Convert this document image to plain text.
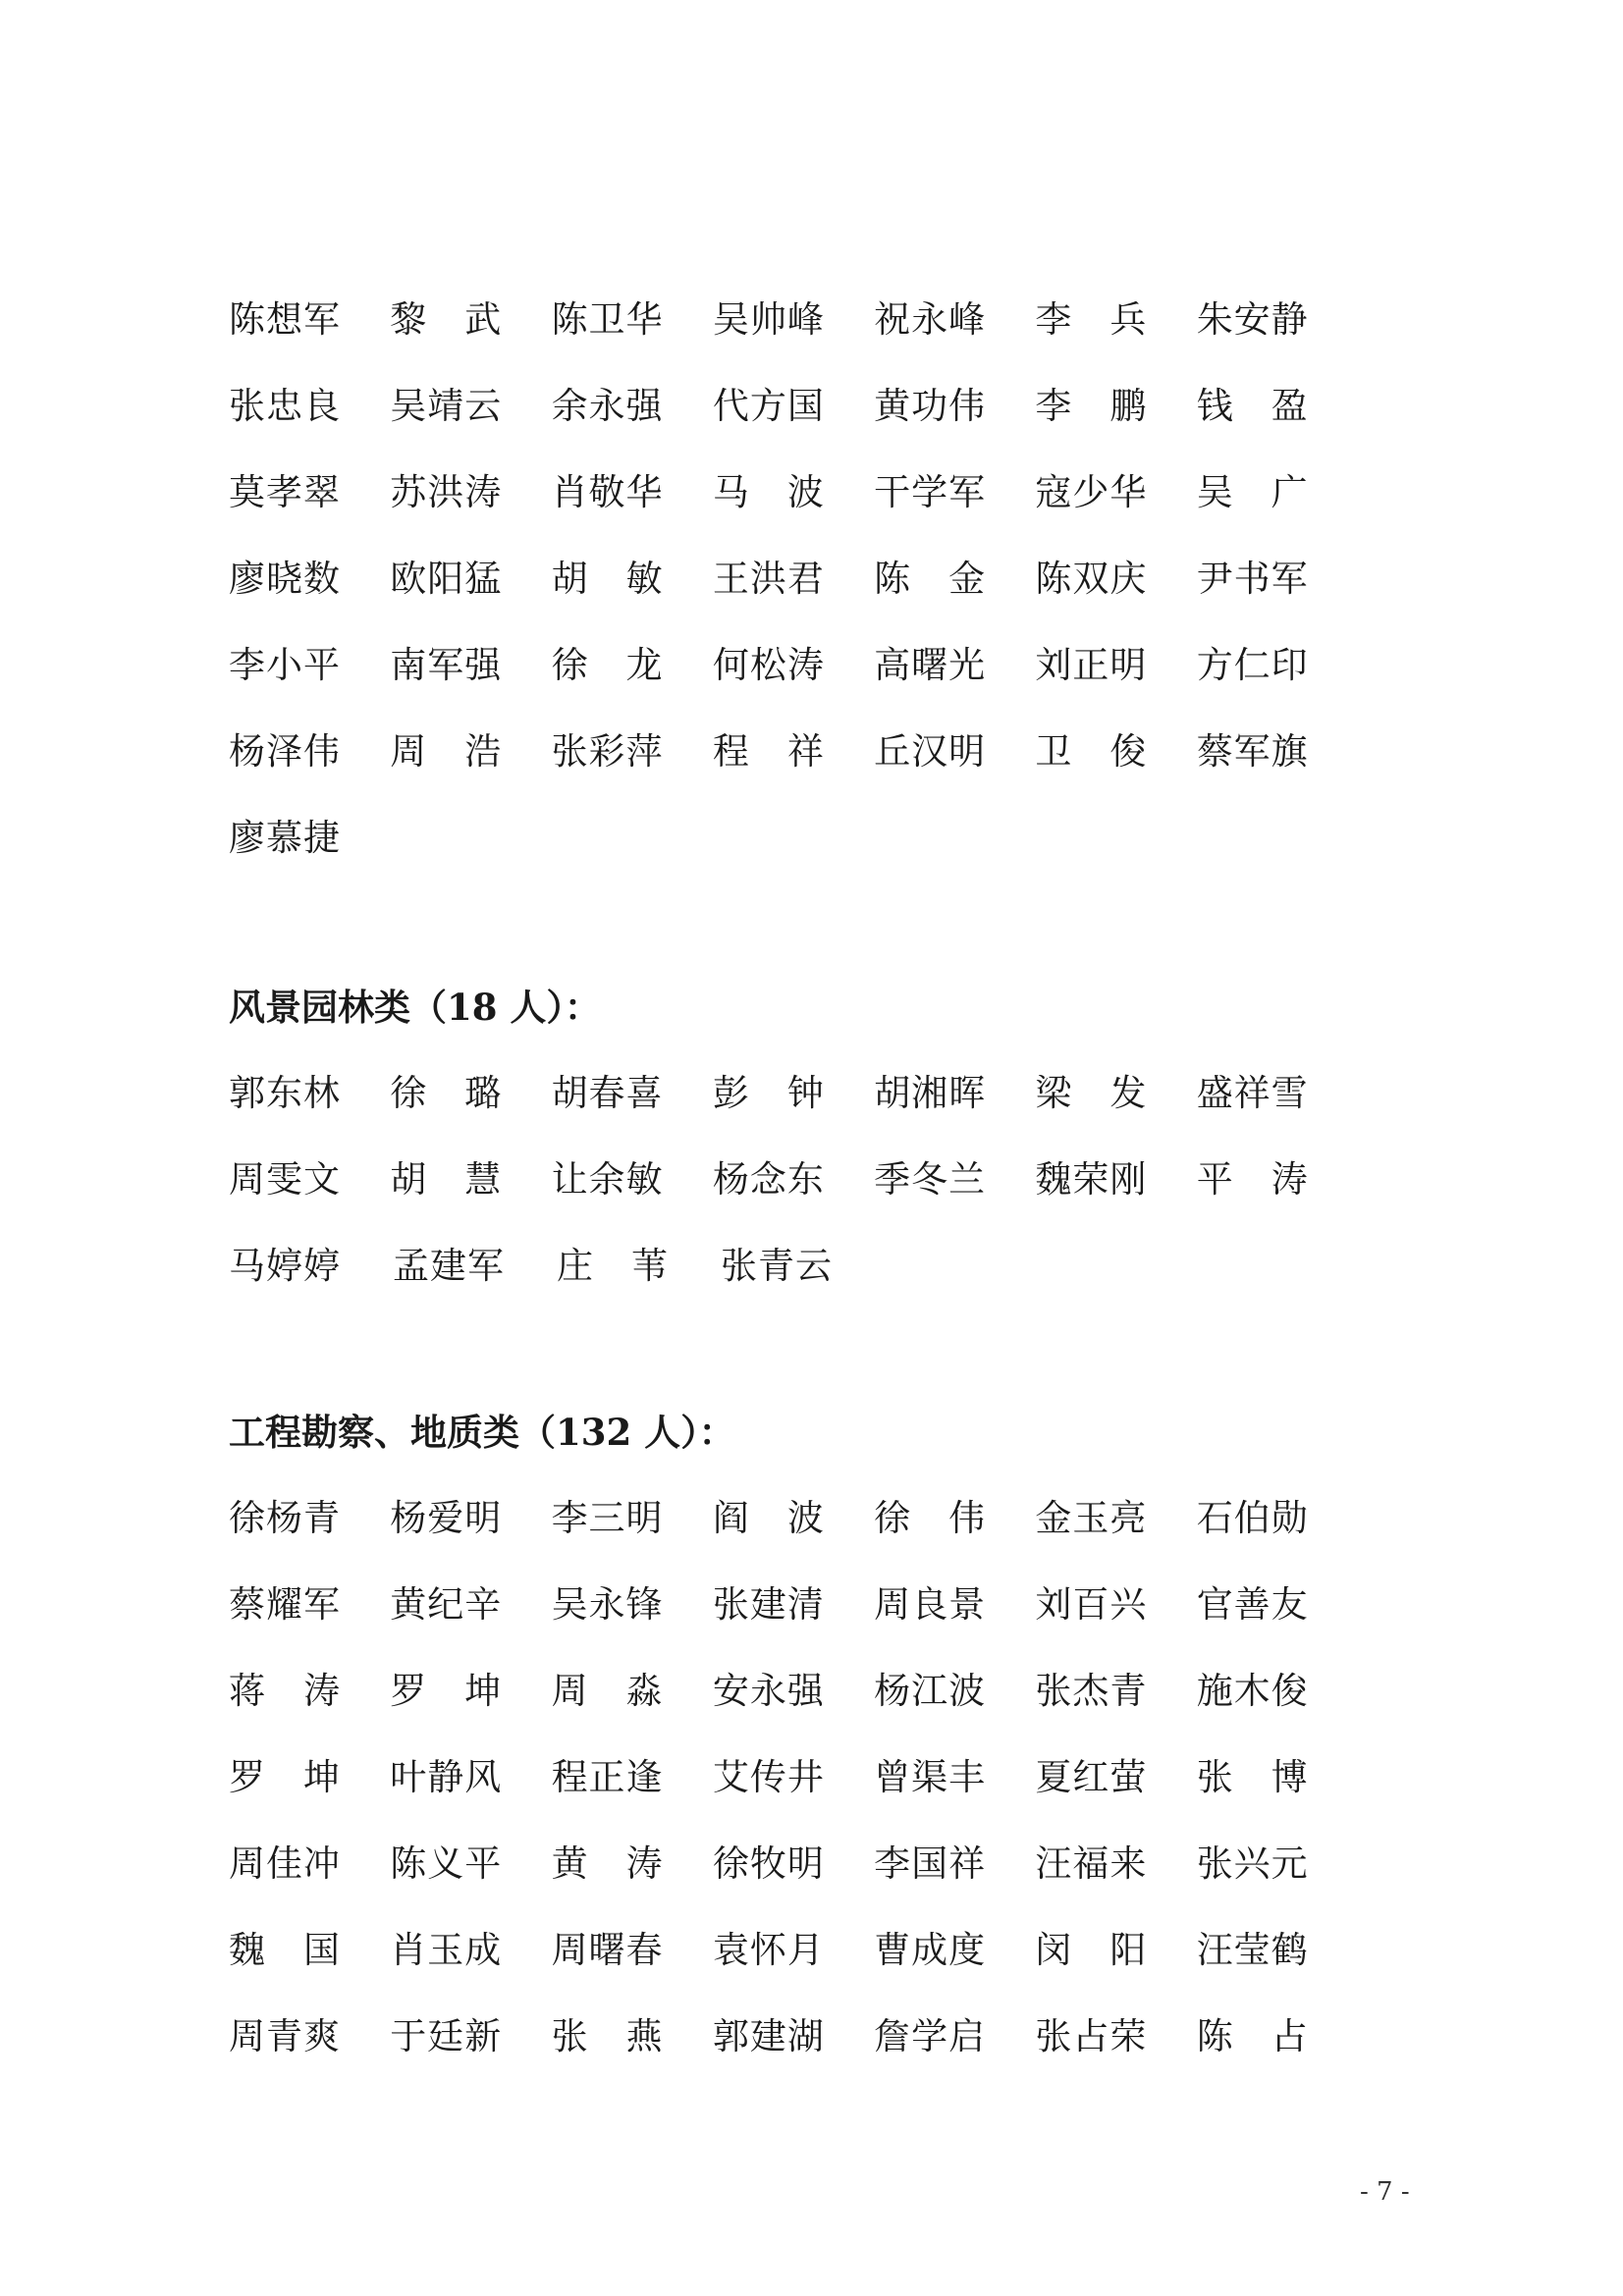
陈想军	黎　武	陈卫华	吴帅峰	祝永峰	李　兵	朱安静
张忠良	吴靖云	余永强	代方国	黄功伟	李　鹏	钱　盈
莫孝翠	苏洪涛	肖敬华	马　波	干学军	寇少华	吴　广
廖晓数	欧阳猛	胡　敏	王洪君	陈　金	陈双庆	尹书军
李小平	南军强	徐　龙	何松涛	高曙光	刘正明	方仁印
杨泽伟	周　浩	张彩萍	程　祥	丘汉明	卫　俊	蔡军旗
廖慕捷
风景园林类（18 人）：
郭东林	徐　璐	胡春喜	彭　钟	胡湘晖	梁　发	盛祥雪
周雯文	胡　慧	让余敏	杨念东	季冬兰	魏荣刚	平　涛
马婷婷	孟建军	庄　苇	张青云
工程勘察、地质类（132 人）：
徐杨青	杨爱明	李三明	阎　波	徐　伟	金玉亮	石伯勋
蔡耀军	黄纪辛	吴永锋	张建清	周良景	刘百兴	官善友
蒋　涛	罗　坤	周　淼	安永强	杨江波	张杰青	施木俊
罗　坤	叶静风	程正逢	艾传井	曾渠丰	夏红萤	张　博
周佳冲	陈义平	黄　涛	徐牧明	李国祥	汪福来	张兴元
魏　国	肖玉成	周曙春	袁怀月	曹成度	闵　阳	汪莹鹤
周青爽	于廷新	张　燕	郭建湖	詹学启	张占荣	陈　占
- 7 -
